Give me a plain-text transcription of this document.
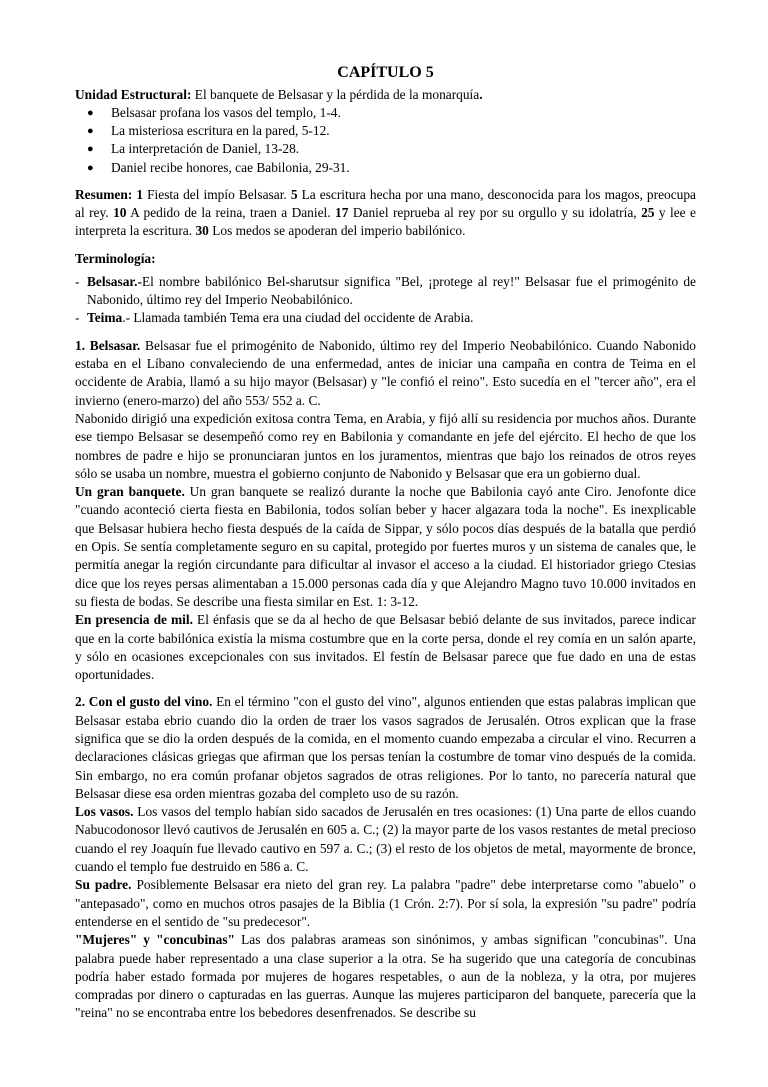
CAPÍTULO 5

Unidad Estructural: El banquete de Belsasar y la pérdida de la monarquía.

● Belsasar profana los vasos del templo, 1-4.
● La misteriosa escritura en la pared, 5-12.
● La interpretación de Daniel, 13-28.
● Daniel recibe honores, cae Babilonia, 29-31.

Resumen: 1 Fiesta del impío Belsasar. 5 La escritura hecha por una mano, desconocida para los magos, preocupa al rey. 10 A pedido de la reina, traen a Daniel. 17 Daniel repruebа al rey por su orgullo y su idolatría, 25 y lee e interpreta la escritura. 30 Los medos se apoderan del imperio babilónico.

Terminología:

- Belsasar.-El nombre babilónico Bel-sharutsur significa "Bel, ¡protege al rey!" Belsasar fue el primogénito de Nabonido, último rey del Imperio Neobabilónico.
- Teima.- Llamada también Tema era una ciudad del occidente de Arabia.

1. Belsasar. Belsasar fue el primogénito de Nabonido, último rey del Imperio Neobabilónico. Cuando Nabonido estaba en el Líbano convaleciendo de una enfermedad, antes de iniciar una campaña en contra de Teima en el occidente de Arabia, llamó a su hijo mayor (Belsasar) y "le confió el reino". Esto sucedía en el "tercer año", era el invierno (enero-marzo) del año 553/ 552 a. C.

Nabonido dirigió una expedición exitosa contra Tema, en Arabia, y fijó allí su residencia por muchos años. Durante ese tiempo Belsasar se desempeñó como rey en Babilonia y comandante en jefe del ejército. El hecho de que los nombres de padre e hijo se pronunciaran juntos en los juramentos, mientras que bajo los reinados de otros reyes sólo se usaba un nombre, muestra el gobierno conjunto de Nabonido y Belsasar que era un gobierno dual.

Un gran banquete. Un gran banquete se realizó durante la noche que Babilonia cayó ante Ciro. Jenofonte dice "cuando aconteció cierta fiesta en Babilonia, todos solían beber y hacer algazara toda la noche". Es inexplicable que Belsasar hubiera hecho fiesta después de la caída de Sippar, y sólo pocos días después de la batalla que perdió en Opis. Se sentía completamente seguro en su capital, protegido por fuertes muros y un sistema de canales que, le permitía anegar la región circundante para dificultar al invasor el acceso a la ciudad. El historiador griego Ctesias dice que los reyes persas alimentaban a 15.000 personas cada día y que Alejandro Magno tuvo 10.000 invitados en su fiesta de bodas. Se describe una fiesta similar en Est. 1: 3-12.

En presencia de mil. El énfasis que se da al hecho de que Belsasar bebió delante de sus invitados, parece indicar que en la corte babilónica existía la misma costumbre que en la corte persa, donde el rey comía en un salón aparte, y sólo en ocasiones excepcionales con sus invitados. El festín de Belsasar parece que fue dado en una de estas oportunidades.

2. Con el gusto del vino. En el término "con el gusto del vino", algunos entienden que estas palabras implican que Belsasar estaba ebrio cuando dio la orden de traer los vasos sagrados de Jerusalén. Otros explican que la frase significa que se dio la orden después de la comida, en el momento cuando empezaba a circular el vino. Recurren a declaraciones clásicas griegas que afirman que los persas tenían la costumbre de tomar vino después de la comida. Sin embargo, no era común profanar objetos sagrados de otras religiones. Por lo tanto, no parecería natural que Belsasar diese esa orden mientras gozaba del completo uso de su razón.

Los vasos. Los vasos del templo habían sido sacados de Jerusalén en tres ocasiones: (1) Una parte de ellos cuando Nabucodonosor llevó cautivos de Jerusalén en 605 a. C.; (2) la mayor parte de los vasos restantes de metal precioso cuando el rey Joaquín fue llevado cautivo en 597 a. C.; (3) el resto de los objetos de metal, mayormente de bronce, cuando el templo fue destruido en 586 a. C.

Su padre. Posiblemente Belsasar era nieto del gran rey. La palabra "padre" debe interpretarse como "abuelo" o "antepasado", como en muchos otros pasajes de la Biblia (1 Crón. 2:7). Por sí sola, la expresión "su padre" podría entenderse en el sentido de "su predecesor".

"Mujeres" y "concubinas" Las dos palabras arameas son sinónimos, y ambas significan "concubinas". Una palabra puede haber representado a una clase superior a la otra. Se ha sugerido que una categoría de concubinas podría haber estado formada por mujeres de hogares respetables, o aun de la nobleza, y la otra, por mujeres compradas por dinero o capturadas en las guerras. Aunque las mujeres participaron del banquete, parecería que la "reina" no se encontraba entre los bebedores desenfrenados. Se describe su
